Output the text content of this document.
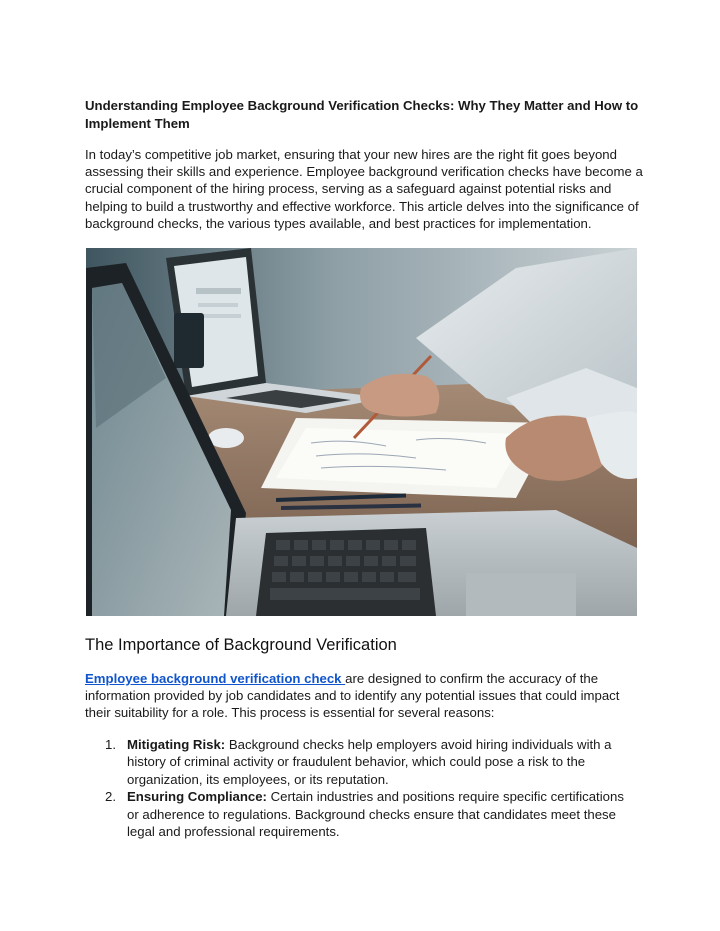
Understanding Employee Background Verification Checks: Why They Matter and How to Implement Them

In today’s competitive job market, ensuring that your new hires are the right fit goes beyond assessing their skills and experience. Employee background verification checks have become a crucial component of the hiring process, serving as a safeguard against potential risks and helping to build a trustworthy and effective workforce. This article delves into the significance of background checks, the various types available, and best practices for implementation.

The Importance of Background Verification

Employee background verification check are designed to confirm the accuracy of the information provided by job candidates and to identify any potential issues that could impact their suitability for a role. This process is essential for several reasons:

1. Mitigating Risk: Background checks help employers avoid hiring individuals with a history of criminal activity or fraudulent behavior, which could pose a risk to the organization, its employees, or its reputation.
2. Ensuring Compliance: Certain industries and positions require specific certifications or adherence to regulations. Background checks ensure that candidates meet these legal and professional requirements.
